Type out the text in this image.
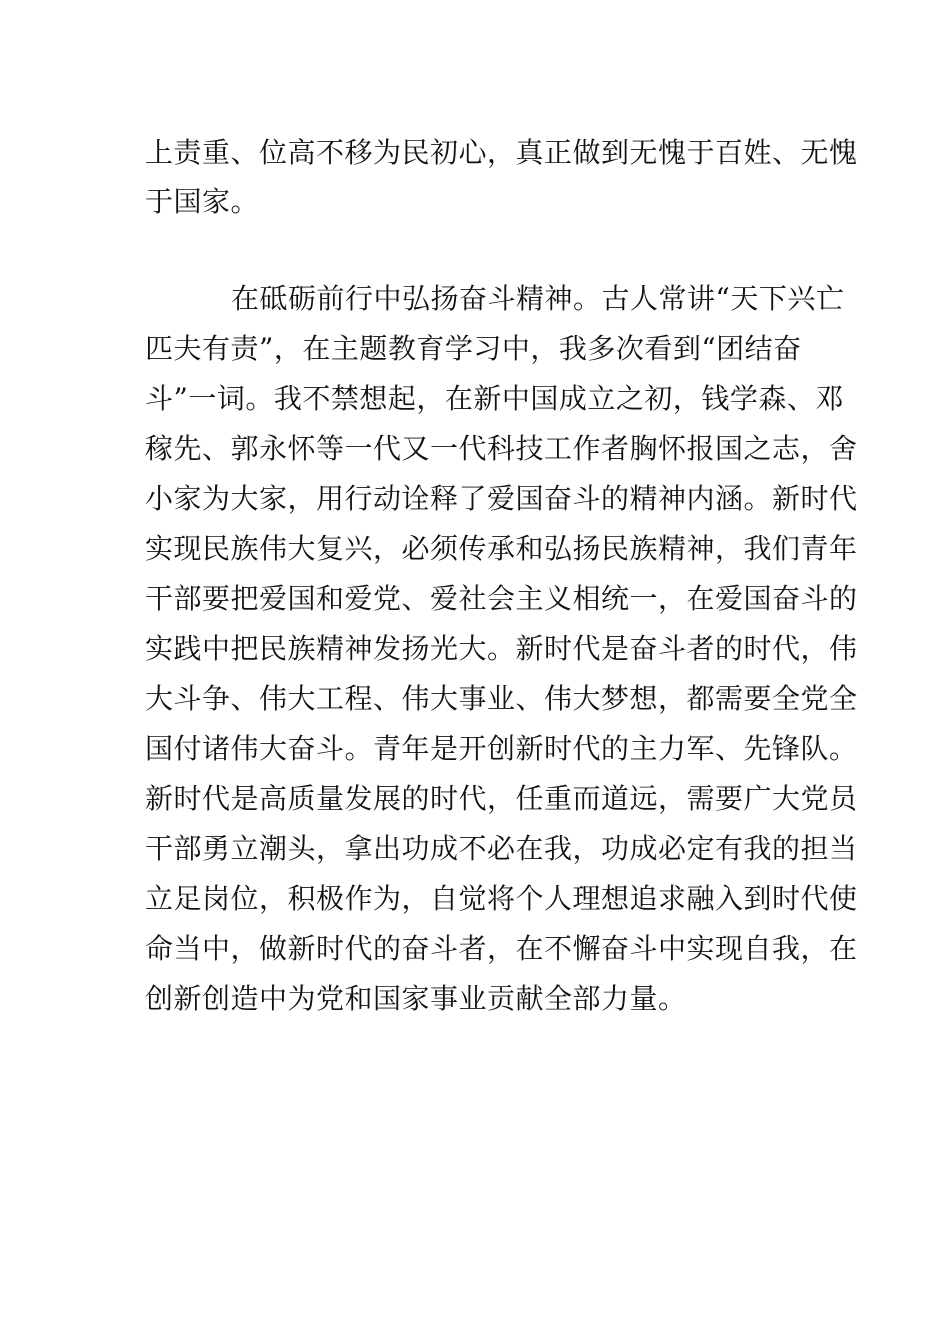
上责重、位高不移为民初心，真正做到无愧于百姓、无愧
于国家。
在砥砺前行中弘扬奋斗精神。古人常讲“天下兴亡
匹夫有责”，在主题教育学习中，我多次看到“团结奋
斗”一词。我不禁想起，在新中国成立之初，钱学森、邓
稼先、郭永怀等一代又一代科技工作者胸怀报国之志，舍
小家为大家，用行动诠释了爱国奋斗的精神内涵。新时代
实现民族伟大复兴，必须传承和弘扬民族精神，我们青年
干部要把爱国和爱党、爱社会主义相统一，在爱国奋斗的
实践中把民族精神发扬光大。新时代是奋斗者的时代，伟
大斗争、伟大工程、伟大事业、伟大梦想，都需要全党全
国付诸伟大奋斗。青年是开创新时代的主力军、先锋队。
新时代是高质量发展的时代，任重而道远，需要广大党员
干部勇立潮头，拿出功成不必在我，功成必定有我的担当
立足岗位，积极作为，自觉将个人理想追求融入到时代使
命当中，做新时代的奋斗者，在不懈奋斗中实现自我，在
创新创造中为党和国家事业贡献全部力量。
